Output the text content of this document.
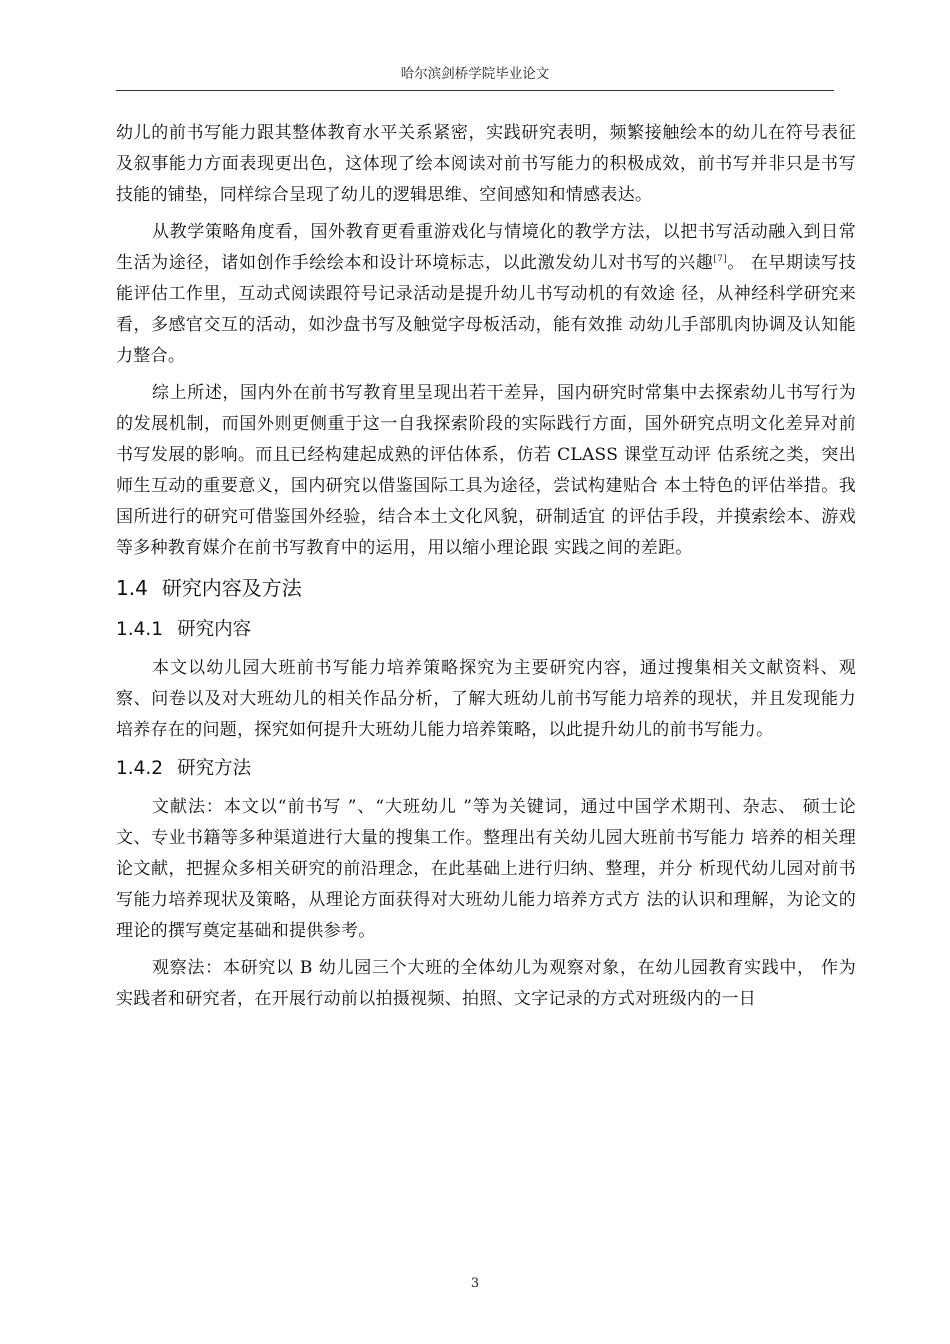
哈尔滨剑桥学院毕业论文

幼儿的前书写能力跟其整体教育水平关系紧密，实践研究表明，频繁接触绘本的幼儿在符号表征及叙事能力方面表现更出色，这体现了绘本阅读对前书写能力的积极成效，前书写并非只是书写技能的铺垫，同样综合呈现了幼儿的逻辑思维、空间感知和情感表达。

从教学策略角度看，国外教育更看重游戏化与情境化的教学方法，以把书写活动融入到日常生活为途径，诸如创作手绘绘本和设计环境标志，以此激发幼儿对书写的兴趣[7]。 在早期读写技能评估工作里，互动式阅读跟符号记录活动是提升幼儿书写动机的有效途 径，从神经科学研究来看，多感官交互的活动，如沙盘书写及触觉字母板活动，能有效推 动幼儿手部肌肉协调及认知能力整合。

综上所述，国内外在前书写教育里呈现出若干差异，国内研究时常集中去探索幼儿书写行为的发展机制，而国外则更侧重于这一自我探索阶段的实际践行方面，国外研究点明文化差异对前书写发展的影响。而且已经构建起成熟的评估体系，仿若 CLASS 课堂互动评 估系统之类，突出师生互动的重要意义，国内研究以借鉴国际工具为途径，尝试构建贴合 本土特色的评估举措。我国所进行的研究可借鉴国外经验，结合本土文化风貌，研制适宜 的评估手段，并摸索绘本、游戏等多种教育媒介在前书写教育中的运用，用以缩小理论跟 实践之间的差距。

1.4 研究内容及方法
1.4.1 研究内容

本文以幼儿园大班前书写能力培养策略探究为主要研究内容，通过搜集相关文献资料、观察、问卷以及对大班幼儿的相关作品分析，了解大班幼儿前书写能力培养的现状，并且发现能力培养存在的问题，探究如何提升大班幼儿能力培养策略，以此提升幼儿的前书写能力。

1.4.2 研究方法

文献法：本文以“前书写 ”、“大班幼儿 ”等为关键词，通过中国学术期刊、杂志、 硕士论文、专业书籍等多种渠道进行大量的搜集工作。整理出有关幼儿园大班前书写能力 培养的相关理论文献，把握众多相关研究的前沿理念，在此基础上进行归纳、整理，并分 析现代幼儿园对前书写能力培养现状及策略，从理论方面获得对大班幼儿能力培养方式方 法的认识和理解，为论文的理论的撰写奠定基础和提供参考。

观察法：本研究以 B 幼儿园三个大班的全体幼儿为观察对象，在幼儿园教育实践中， 作为实践者和研究者，在开展行动前以拍摄视频、拍照、文字记录的方式对班级内的一日

3
